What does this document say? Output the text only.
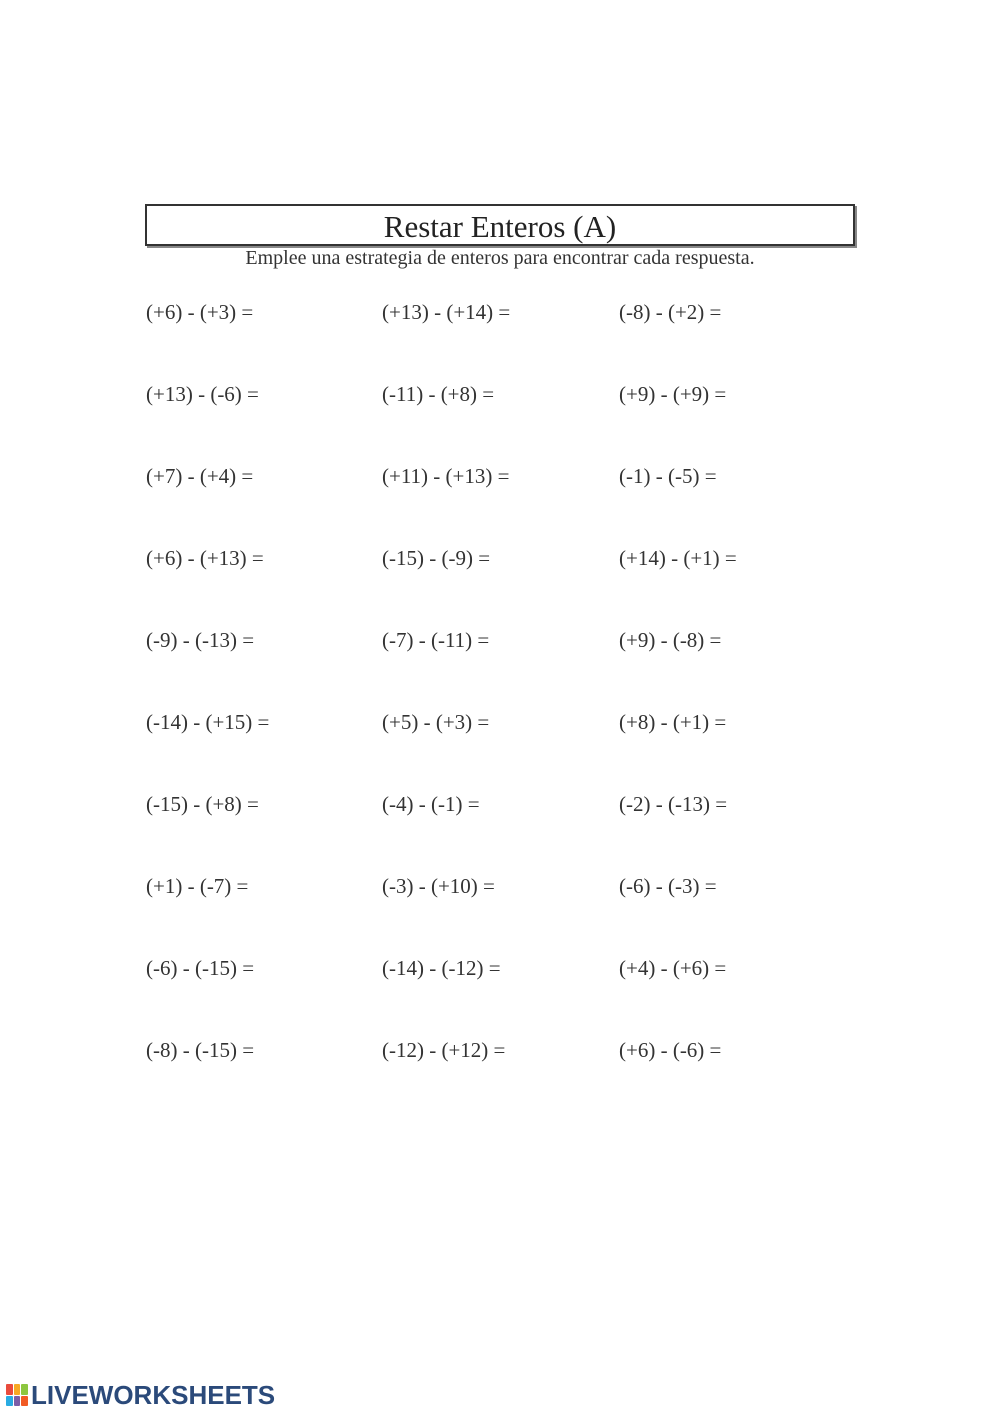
Restar Enteros (A)
Emplee una estrategia de enteros para encontrar cada respuesta.
(+6) - (+3) =	(+13) - (+14) =	(-8) - (+2) =
(+13) - (-6) =	(-11) - (+8) =	(+9) - (+9) =
(+7) - (+4) =	(+11) - (+13) =	(-1) - (-5) =
(+6) - (+13) =	(-15) - (-9) =	(+14) - (+1) =
(-9) - (-13) =	(-7) - (-11) =	(+9) - (-8) =
(-14) - (+15) =	(+5) - (+3) =	(+8) - (+1) =
(-15) - (+8) =	(-4) - (-1) =	(-2) - (-13) =
(+1) - (-7) =	(-3) - (+10) =	(-6) - (-3) =
(-6) - (-15) =	(-14) - (-12) =	(+4) - (+6) =
(-8) - (-15) =	(-12) - (+12) =	(+6) - (-6) =
LIVEWORKSHEETS
